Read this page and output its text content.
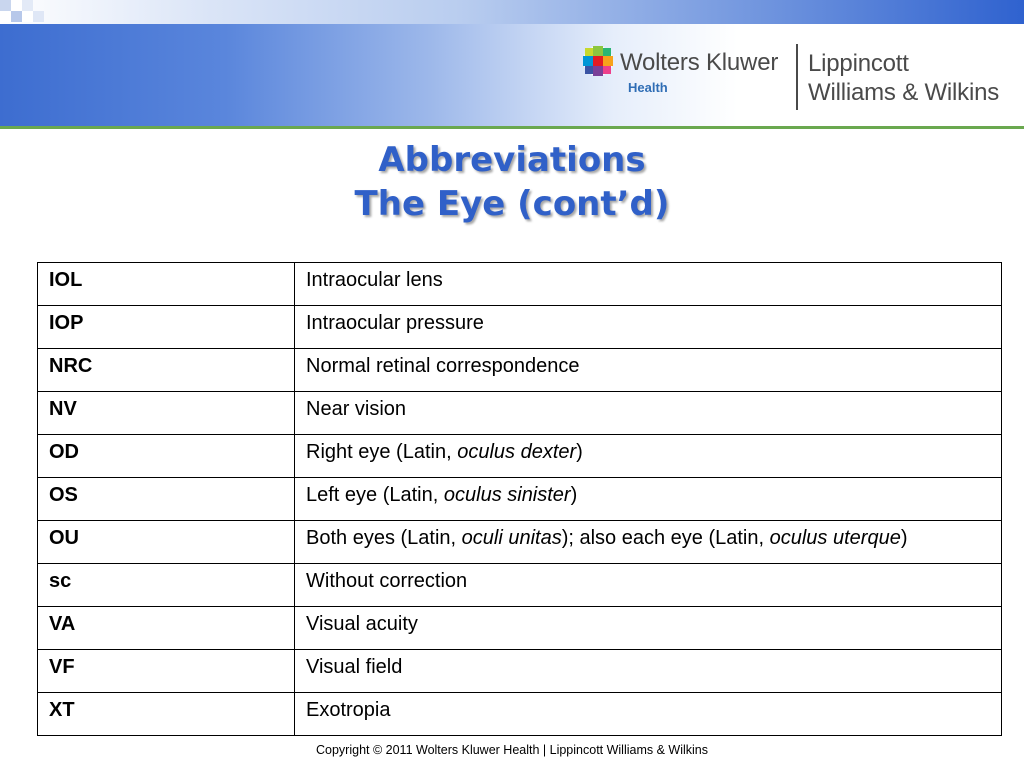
Wolters Kluwer
Health
Lippincott
Williams & Wilkins
Abbreviations
The Eye (cont’d)
IOL	Intraocular lens
IOP	Intraocular pressure
NRC	Normal retinal correspondence
NV	Near vision
OD	Right eye (Latin, oculus dexter)
OS	Left eye (Latin, oculus sinister)
OU	Both eyes (Latin, oculi unitas); also each eye (Latin, oculus uterque)
sc	Without correction
VA	Visual acuity
VF	Visual field
XT	Exotropia
Copyright © 2011 Wolters Kluwer Health | Lippincott Williams & Wilkins
